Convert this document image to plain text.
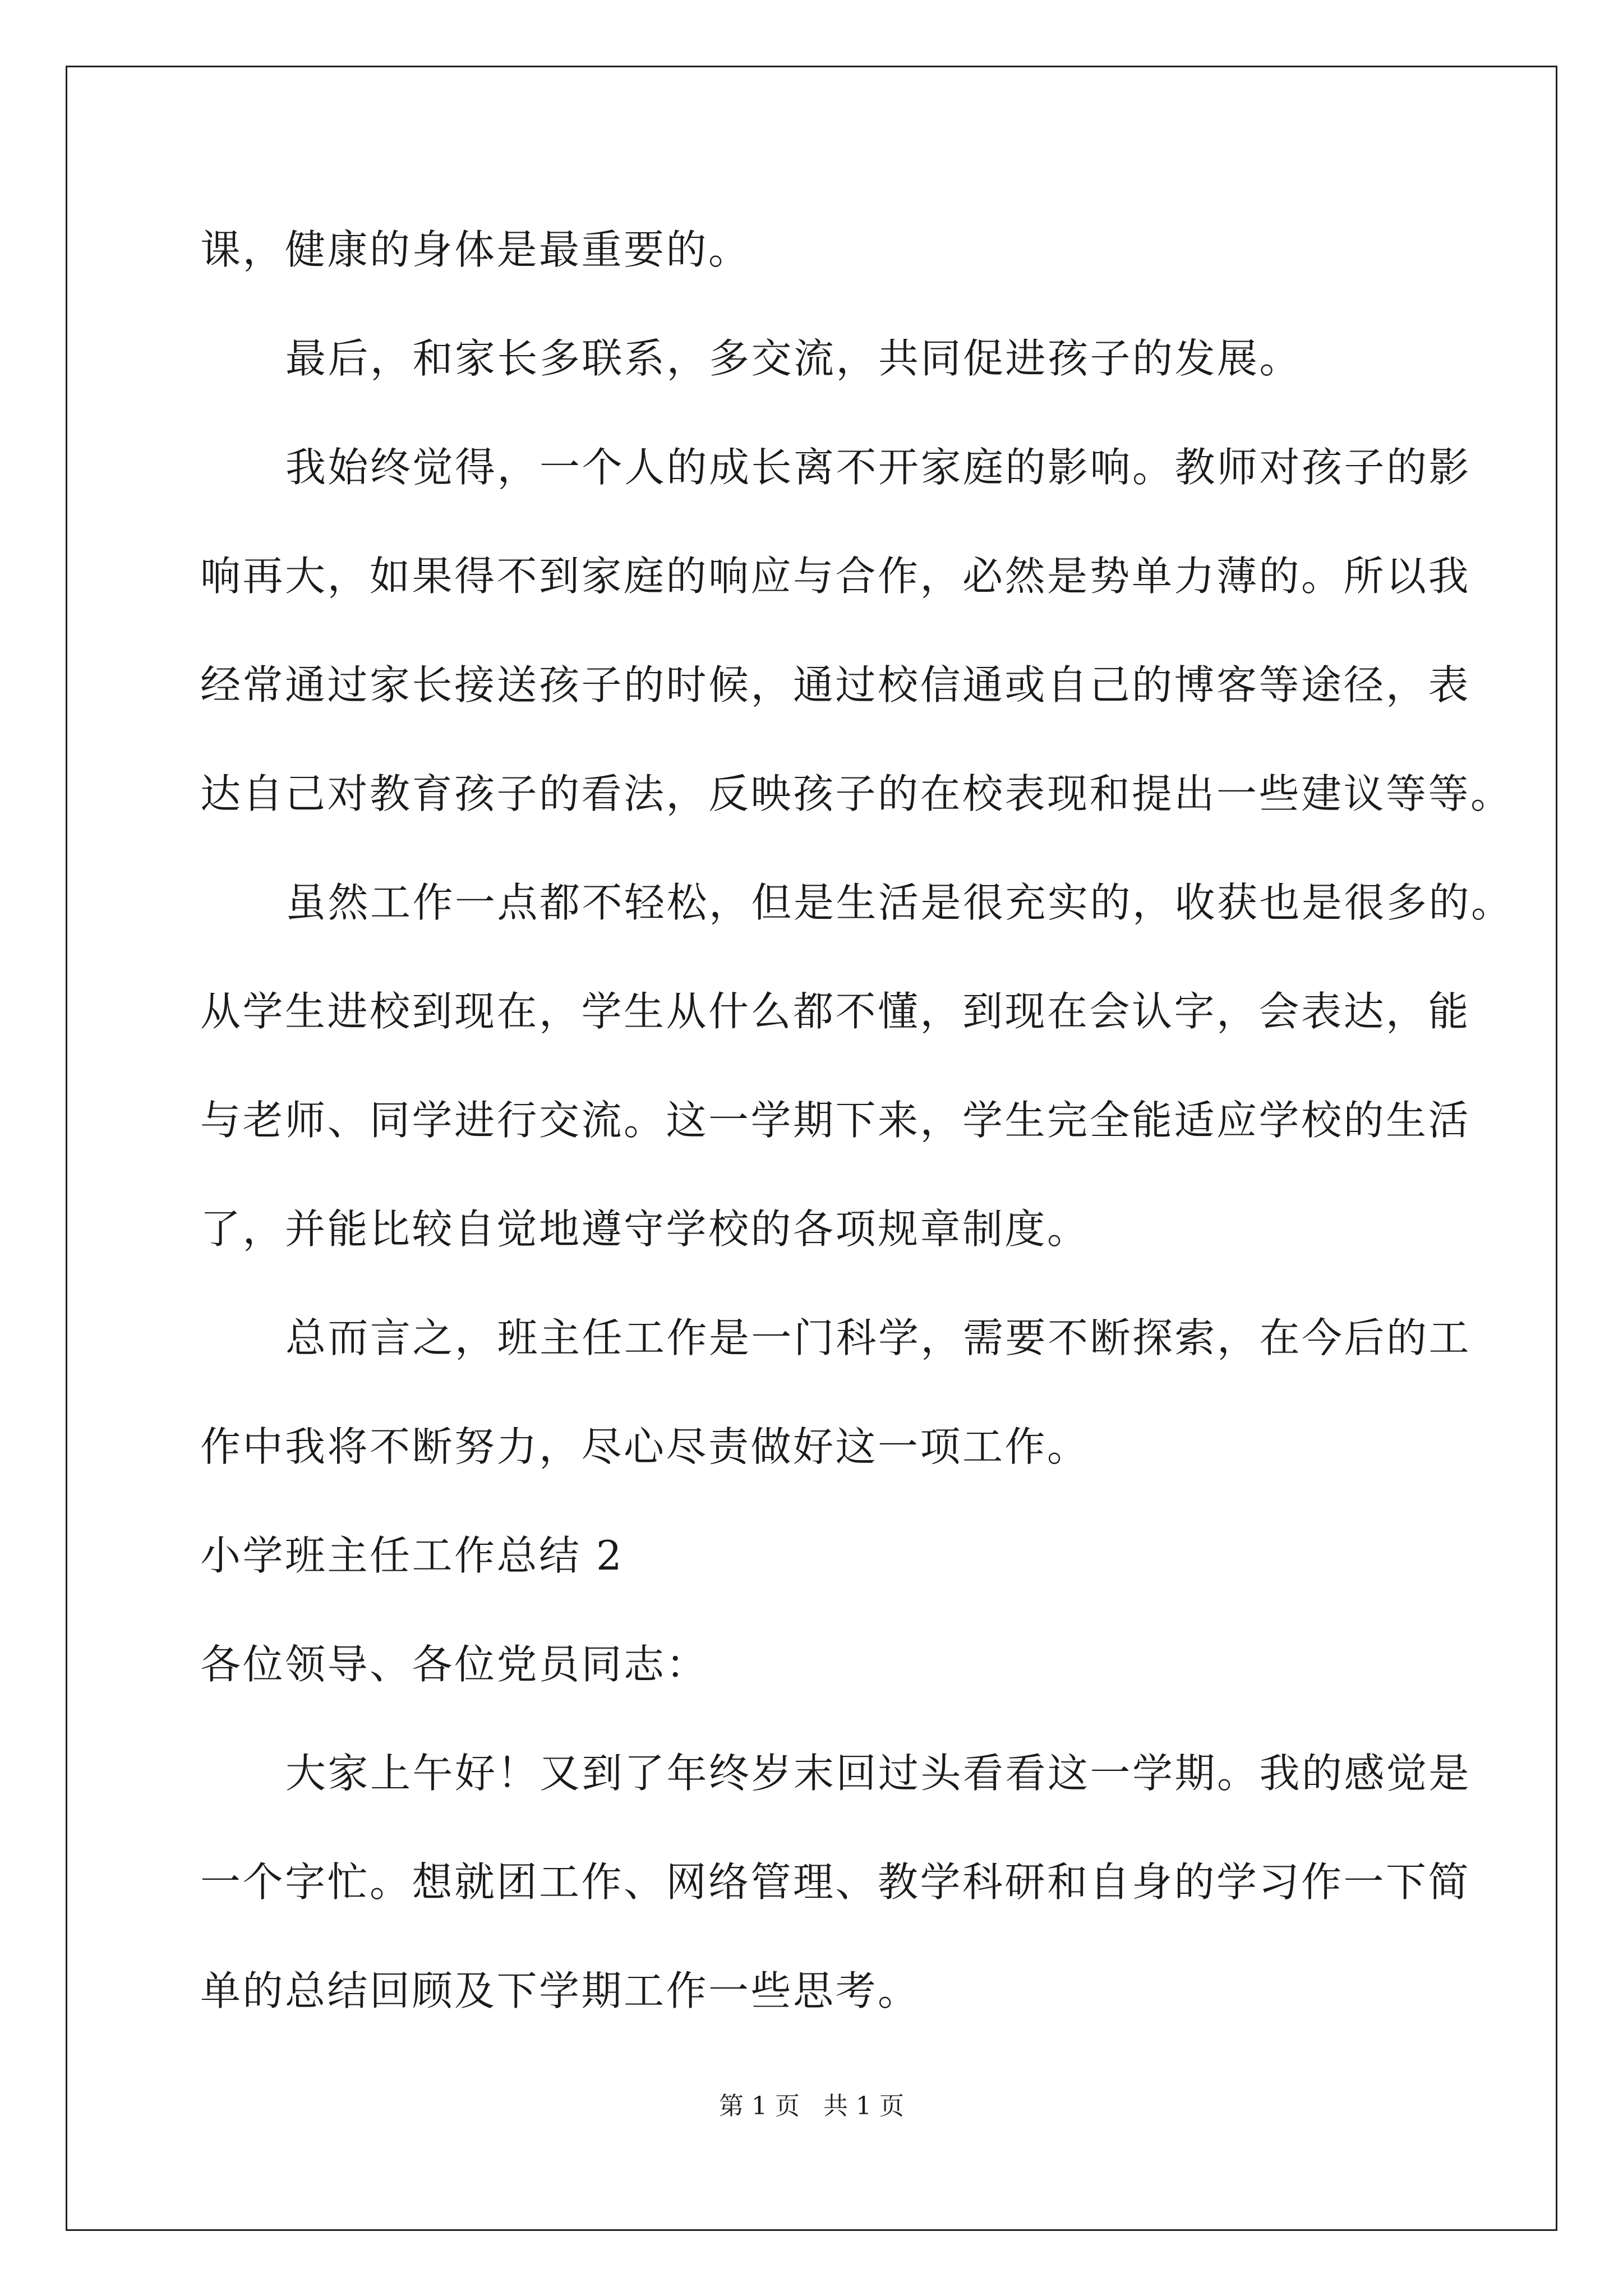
课，健康的身体是最重要的。
最后，和家长多联系，多交流，共同促进孩子的发展。
我始终觉得，一个人的成长离不开家庭的影响。教师对孩子的影
响再大，如果得不到家庭的响应与合作，必然是势单力薄的。所以我
经常通过家长接送孩子的时候，通过校信通或自己的博客等途径，表
达自己对教育孩子的看法，反映孩子的在校表现和提出一些建议等等。
虽然工作一点都不轻松，但是生活是很充实的，收获也是很多的。
从学生进校到现在，学生从什么都不懂，到现在会认字，会表达，能
与老师、同学进行交流。这一学期下来，学生完全能适应学校的生活
了，并能比较自觉地遵守学校的各项规章制度。
总而言之，班主任工作是一门科学，需要不断探索，在今后的工
作中我将不断努力，尽心尽责做好这一项工作。
小学班主任工作总结 2
各位领导、各位党员同志：
大家上午好！又到了年终岁末回过头看看这一学期。我的感觉是
一个字忙。想就团工作、网络管理、教学科研和自身的学习作一下简
单的总结回顾及下学期工作一些思考。
第 1 页   共 1 页
